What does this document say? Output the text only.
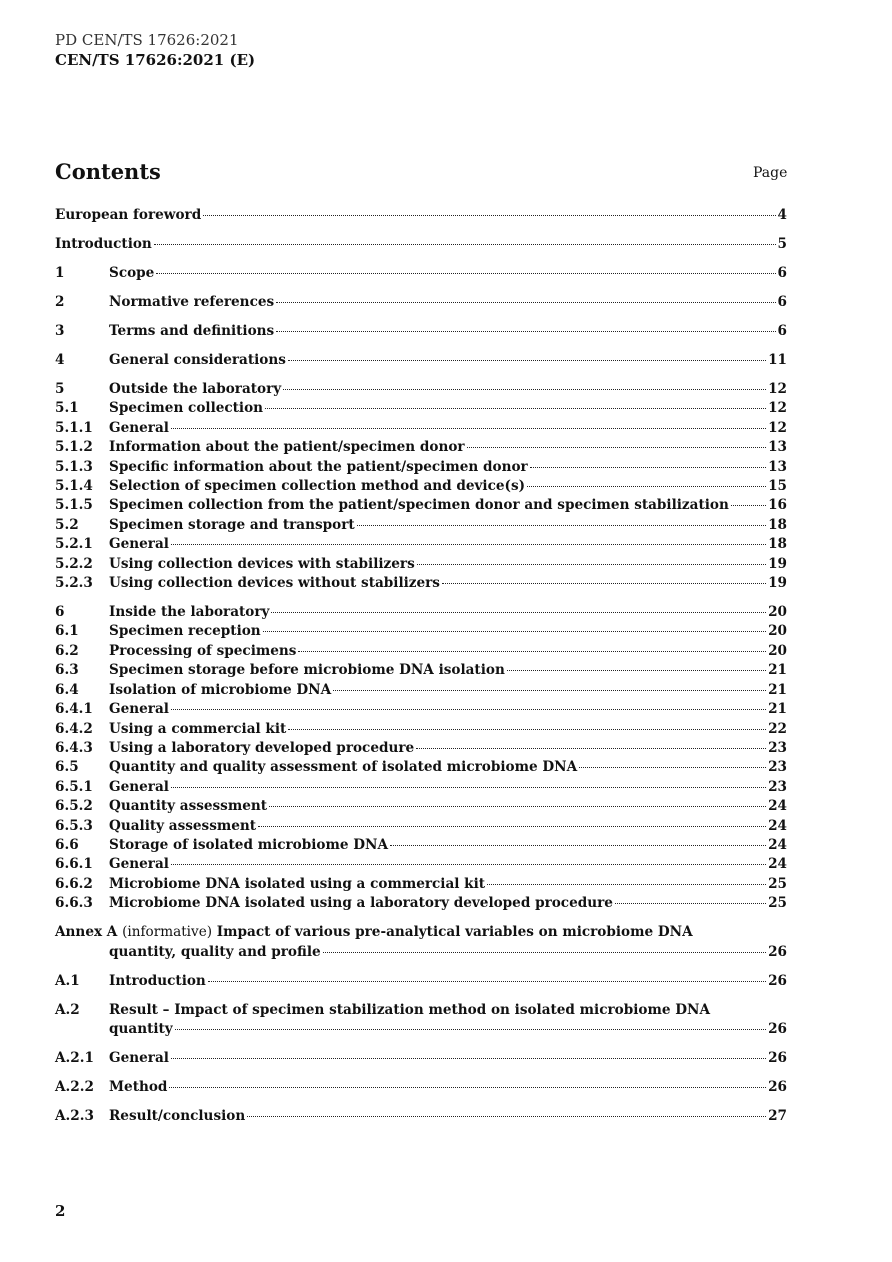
PD CEN/TS 17626:2021
CEN/TS 17626:2021 (E)
Contents	Page
European foreword	4
Introduction	5
1	Scope	6
2	Normative references	6
3	Terms and definitions	6
4	General considerations	11
5	Outside the laboratory	12
5.1	Specimen collection	12
5.1.1	General	12
5.1.2	Information about the patient/specimen donor	13
5.1.3	Specific information about the patient/specimen donor	13
5.1.4	Selection of specimen collection method and device(s)	15
5.1.5	Specimen collection from the patient/specimen donor and specimen stabilization	16
5.2	Specimen storage and transport	18
5.2.1	General	18
5.2.2	Using collection devices with stabilizers	19
5.2.3	Using collection devices without stabilizers	19
6	Inside the laboratory	20
6.1	Specimen reception	20
6.2	Processing of specimens	20
6.3	Specimen storage before microbiome DNA isolation	21
6.4	Isolation of microbiome DNA	21
6.4.1	General	21
6.4.2	Using a commercial kit	22
6.4.3	Using a laboratory developed procedure	23
6.5	Quantity and quality assessment of isolated microbiome DNA	23
6.5.1	General	23
6.5.2	Quantity assessment	24
6.5.3	Quality assessment	24
6.6	Storage of isolated microbiome DNA	24
6.6.1	General	24
6.6.2	Microbiome DNA isolated using a commercial kit	25
6.6.3	Microbiome DNA isolated using a laboratory developed procedure	25
Annex A (informative) Impact of various pre-analytical variables on microbiome DNA
quantity, quality and profile	26
A.1	Introduction	26
A.2	Result – Impact of specimen stabilization method on isolated microbiome DNA
quantity	26
A.2.1	General	26
A.2.2	Method	26
A.2.3	Result/conclusion	27
2
